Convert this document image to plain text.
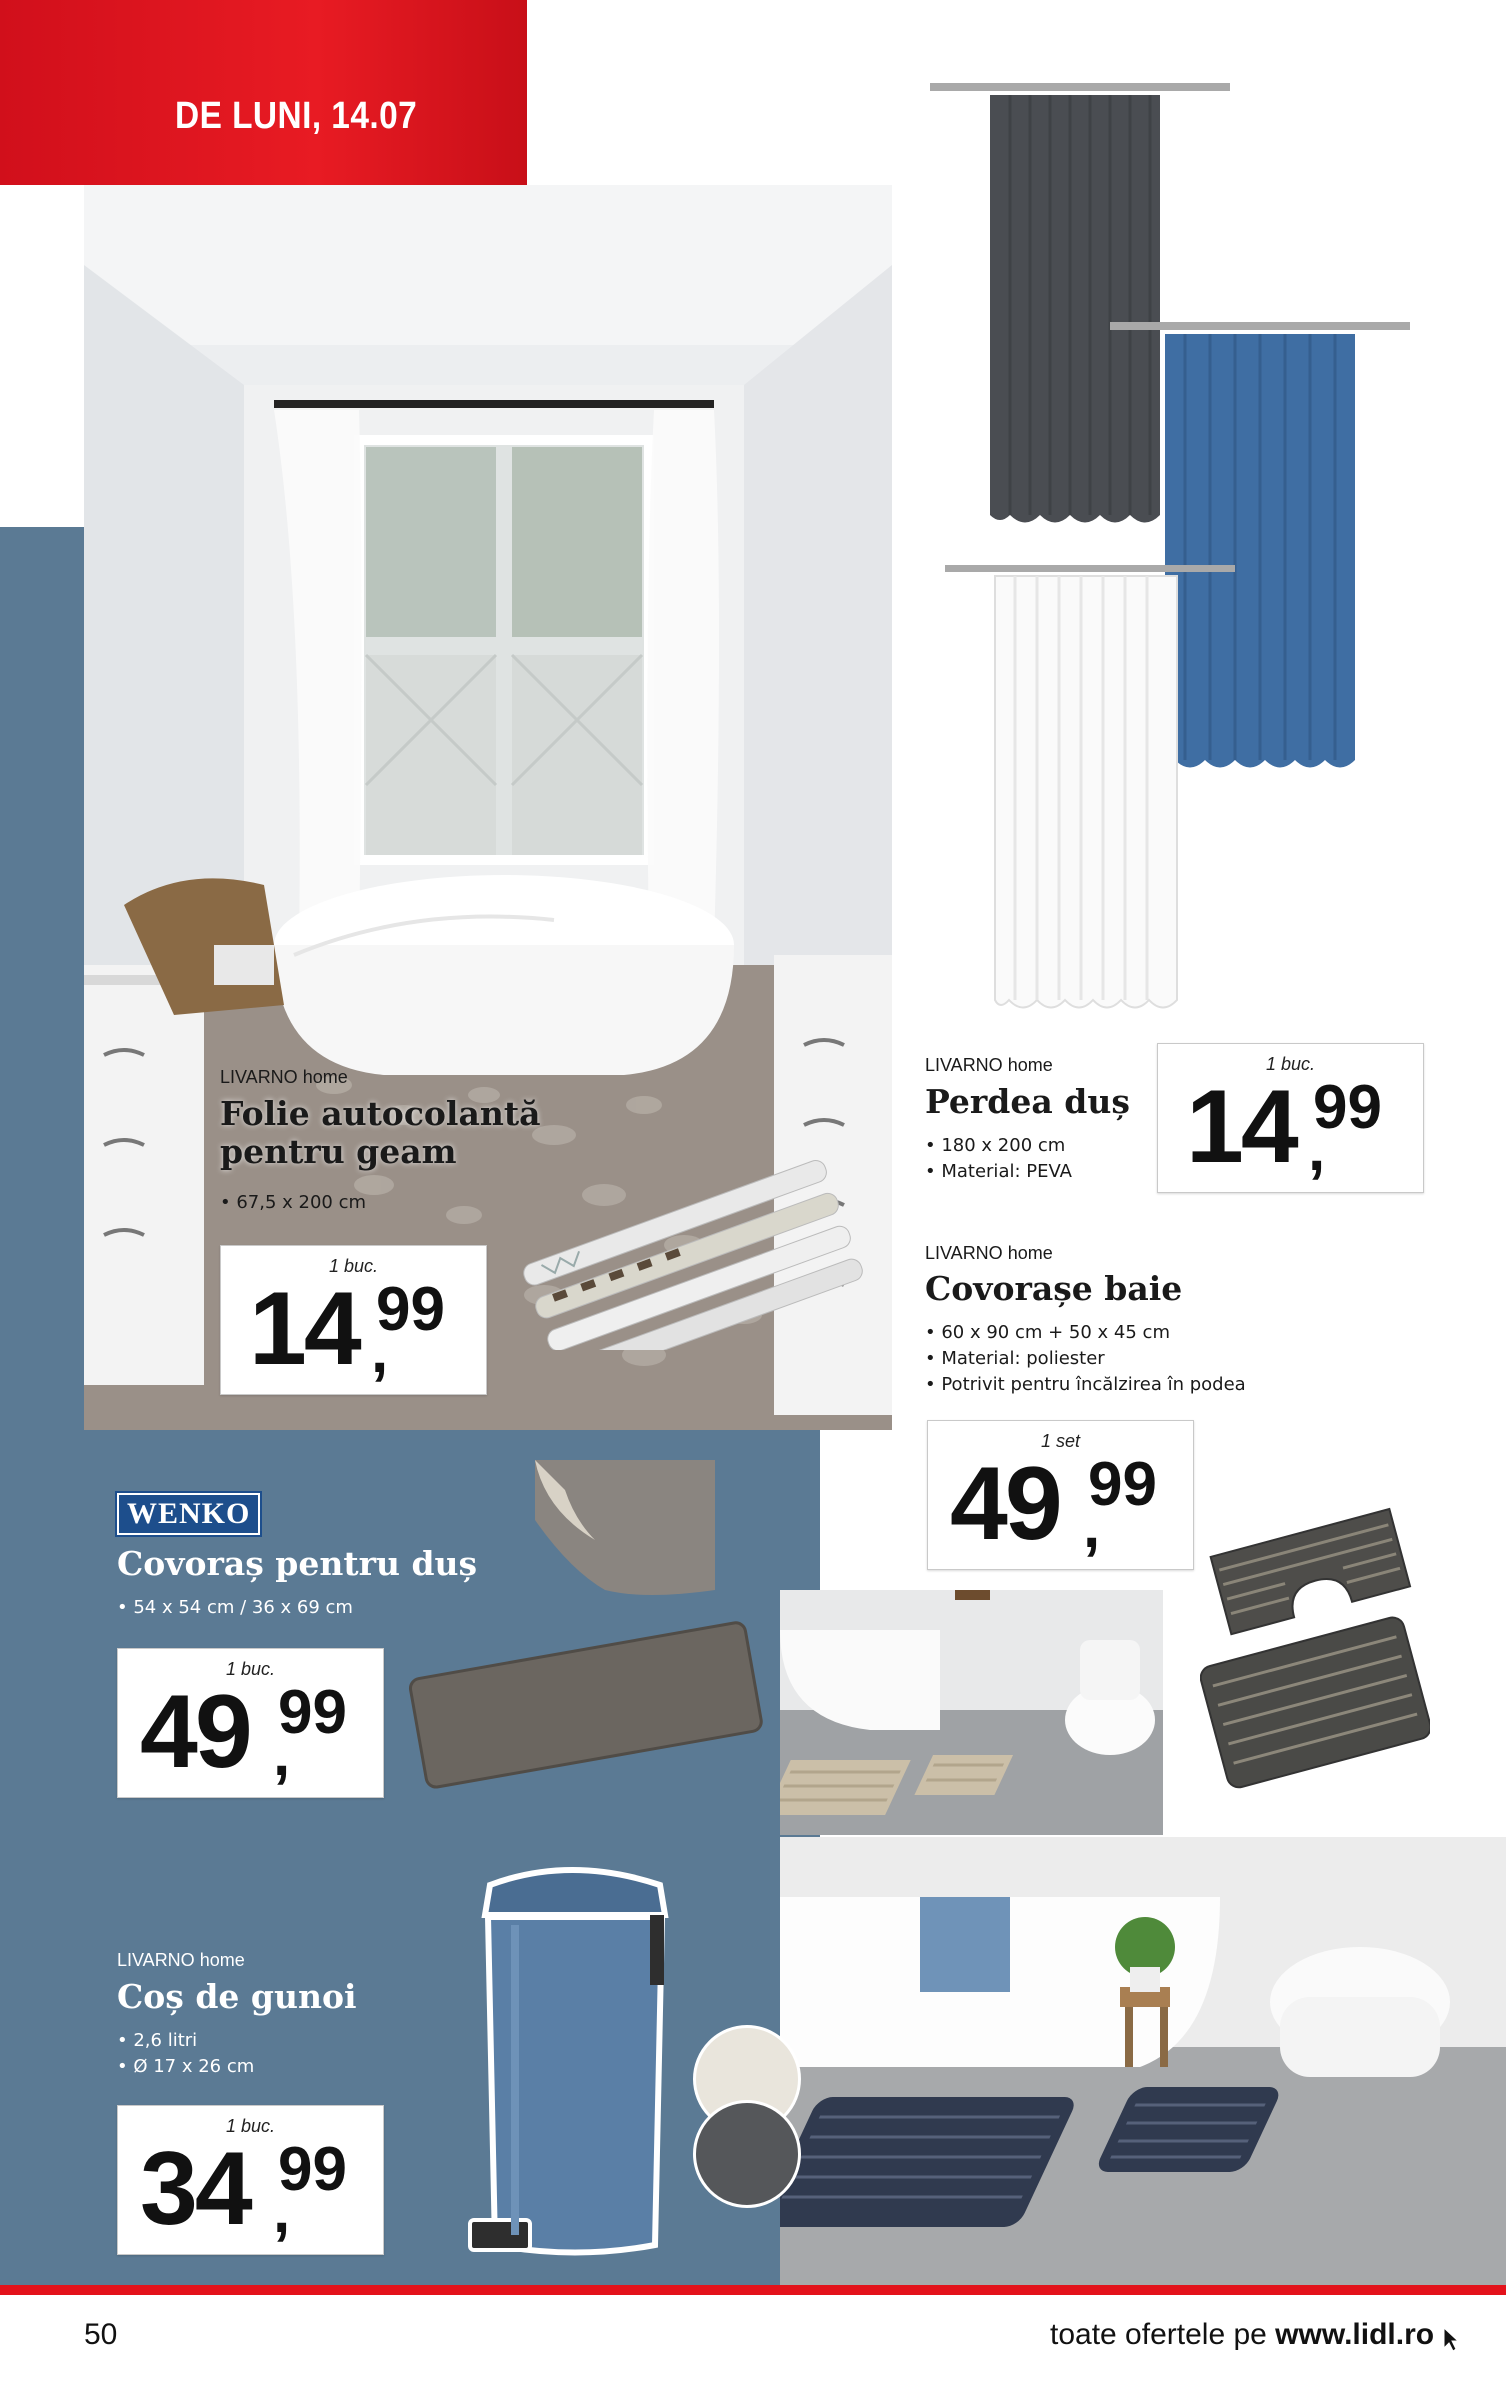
DE LUNI, 14.07
LIVARNO home
Folie autocolantă
pentru geam
• 67,5 x 200 cm
1 buc.
14 99
,
LIVARNO home
Perdea duș
• 180 x 200 cm
• Material: PEVA
1 buc.
14 99
,
LIVARNO home
Covorașe baie
• 60 x 90 cm + 50 x 45 cm
• Material: poliester
• Potrivit pentru încălzirea în podea
1 set
49 99
,
WENKO
Covoraș pentru duș
• 54 x 54 cm / 36 x 69 cm
1 buc.
49 99
,
LIVARNO home
Coș de gunoi
• 2,6 litri
• Ø 17 x 26 cm
1 buc.
34 99
,
50	toate ofertele pe www.lidl.ro
